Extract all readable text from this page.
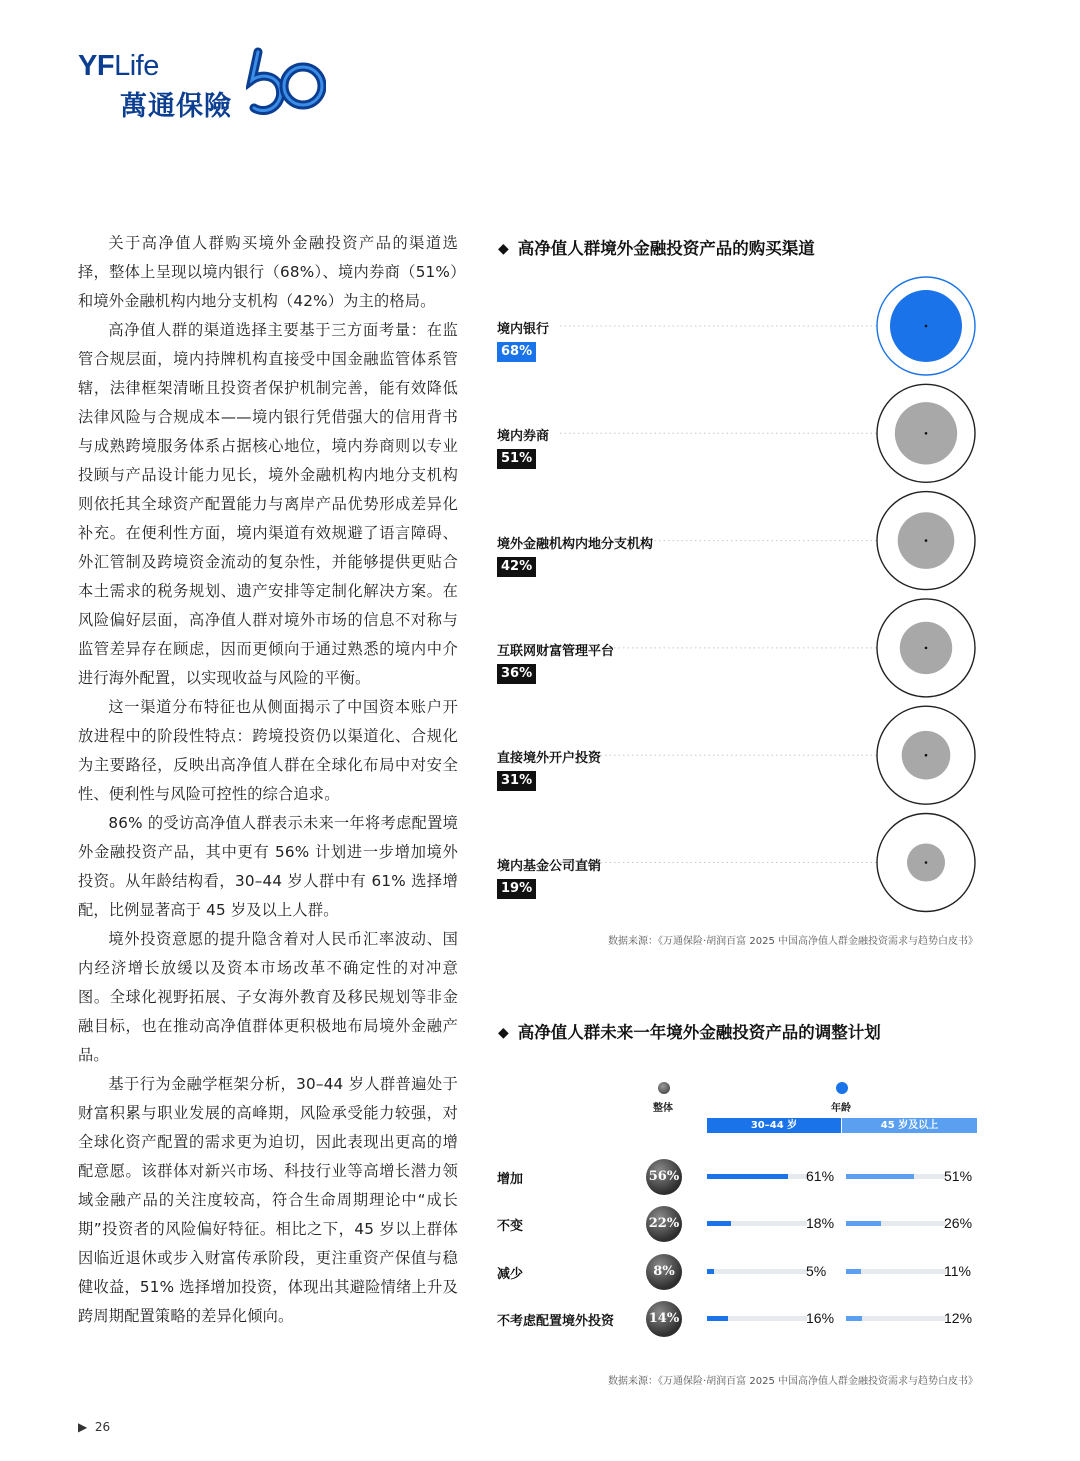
YFLife
萬通保險

关于高净值人群购买境外金融投资产品的渠道选择，整体上呈现以境内银行（68%）、境内券商（51%）和境外金融机构内地分支机构（42%）为主的格局。

高净值人群的渠道选择主要基于三方面考量：在监管合规层面，境内持牌机构直接受中国金融监管体系管辖，法律框架清晰且投资者保护机制完善，能有效降低法律风险与合规成本——境内银行凭借强大的信用背书与成熟跨境服务体系占据核心地位，境内券商则以专业投顾与产品设计能力见长，境外金融机构内地分支机构则依托其全球资产配置能力与离岸产品优势形成差异化补充。在便利性方面，境内渠道有效规避了语言障碍、外汇管制及跨境资金流动的复杂性，并能够提供更贴合本土需求的税务规划、遗产安排等定制化解决方案。在风险偏好层面，高净值人群对境外市场的信息不对称与监管差异存在顾虑，因而更倾向于通过熟悉的境内中介进行海外配置，以实现收益与风险的平衡。

这一渠道分布特征也从侧面揭示了中国资本账户开放进程中的阶段性特点：跨境投资仍以渠道化、合规化为主要路径，反映出高净值人群在全球化布局中对安全性、便利性与风险可控性的综合追求。

86% 的受访高净值人群表示未来一年将考虑配置境外金融投资产品，其中更有 56% 计划进一步增加境外投资。从年龄结构看，30–44 岁人群中有 61% 选择增配，比例显著高于 45 岁及以上人群。

境外投资意愿的提升隐含着对人民币汇率波动、国内经济增长放缓以及资本市场改革不确定性的对冲意图。全球化视野拓展、子女海外教育及移民规划等非金融目标，也在推动高净值群体更积极地布局境外金融产品。

基于行为金融学框架分析，30–44 岁人群普遍处于财富积累与职业发展的高峰期，风险承受能力较强，对全球化资产配置的需求更为迫切，因此表现出更高的增配意愿。该群体对新兴市场、科技行业等高增长潜力领域金融产品的关注度较高，符合生命周期理论中“成长期”投资者的风险偏好特征。相比之下，45 岁以上群体因临近退休或步入财富传承阶段，更注重资产保值与稳健收益，51% 选择增加投资，体现出其避险情绪上升及跨周期配置策略的差异化倾向。

◆ 高净值人群境外金融投资产品的购买渠道
境内银行
68%
境内券商
51%
境外金融机构内地分支机构
42%
互联网财富管理平台
36%
直接境外开户投资
31%
境内基金公司直销
19%
数据来源：《万通保险·胡润百富 2025 中国高净值人群金融投资需求与趋势白皮书》
◆ 高净值人群未来一年境外金融投资产品的调整计划
整体	年龄
30–44 岁	45 岁及以上
增加	56%	61%	51%
不变	22%	18%	26%
减少	8%	5%	11%
不考虑配置境外投资	14%	16%	12%
数据来源：《万通保险·胡润百富 2025 中国高净值人群金融投资需求与趋势白皮书》
▶ 26
